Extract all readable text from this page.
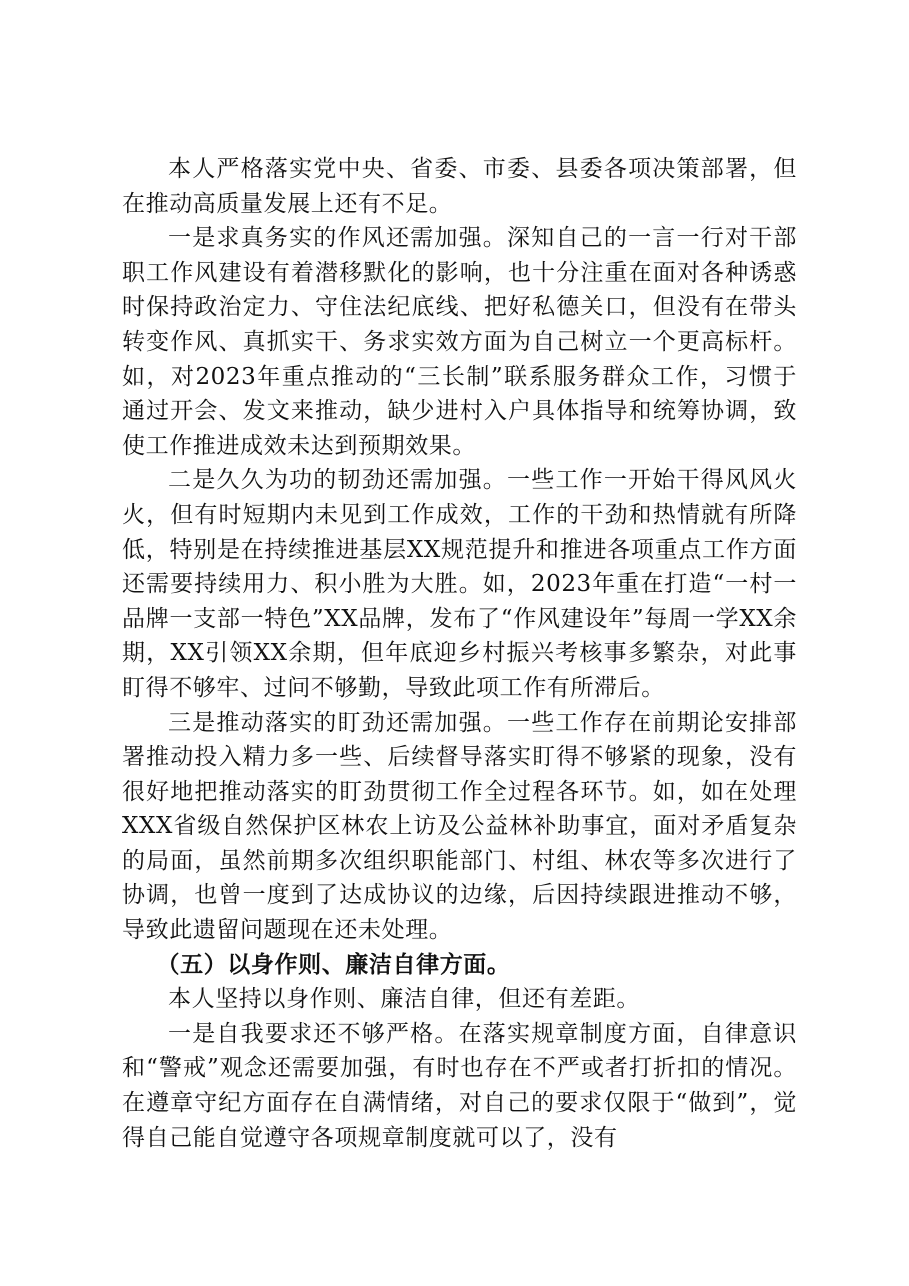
本人严格落实党中央、省委、市委、县委各项决策部署，但在推动高质量发展上还有不足。

一是求真务实的作风还需加强。深知自己的一言一行对干部职工作风建设有着潜移默化的影响，也十分注重在面对各种诱惑时保持政治定力、守住法纪底线、把好私德关口，但没有在带头转变作风、真抓实干、务求实效方面为自己树立一个更高标杆。如，对2023年重点推动的“三长制”联系服务群众工作，习惯于通过开会、发文来推动，缺少进村入户具体指导和统筹协调，致使工作推进成效未达到预期效果。

二是久久为功的韧劲还需加强。一些工作一开始干得风风火火，但有时短期内未见到工作成效，工作的干劲和热情就有所降低，特别是在持续推进基层XX规范提升和推进各项重点工作方面还需要持续用力、积小胜为大胜。如，2023年重在打造“一村一品牌一支部一特色”XX品牌，发布了“作风建设年”每周一学XX余期，XX引领XX余期，但年底迎乡村振兴考核事多繁杂，对此事盯得不够牢、过问不够勤，导致此项工作有所滞后。

三是推动落实的盯劲还需加强。一些工作存在前期论安排部署推动投入精力多一些、后续督导落实盯得不够紧的现象，没有很好地把推动落实的盯劲贯彻工作全过程各环节。如，如在处理XXX省级自然保护区林农上访及公益林补助事宜，面对矛盾复杂的局面，虽然前期多次组织职能部门、村组、林农等多次进行了协调，也曾一度到了达成协议的边缘，后因持续跟进推动不够，导致此遗留问题现在还未处理。

（五）以身作则、廉洁自律方面。

本人坚持以身作则、廉洁自律，但还有差距。

一是自我要求还不够严格。在落实规章制度方面，自律意识和“警戒”观念还需要加强，有时也存在不严或者打折扣的情况。在遵章守纪方面存在自满情绪，对自己的要求仅限于“做到”，觉得自己能自觉遵守各项规章制度就可以了，没有
